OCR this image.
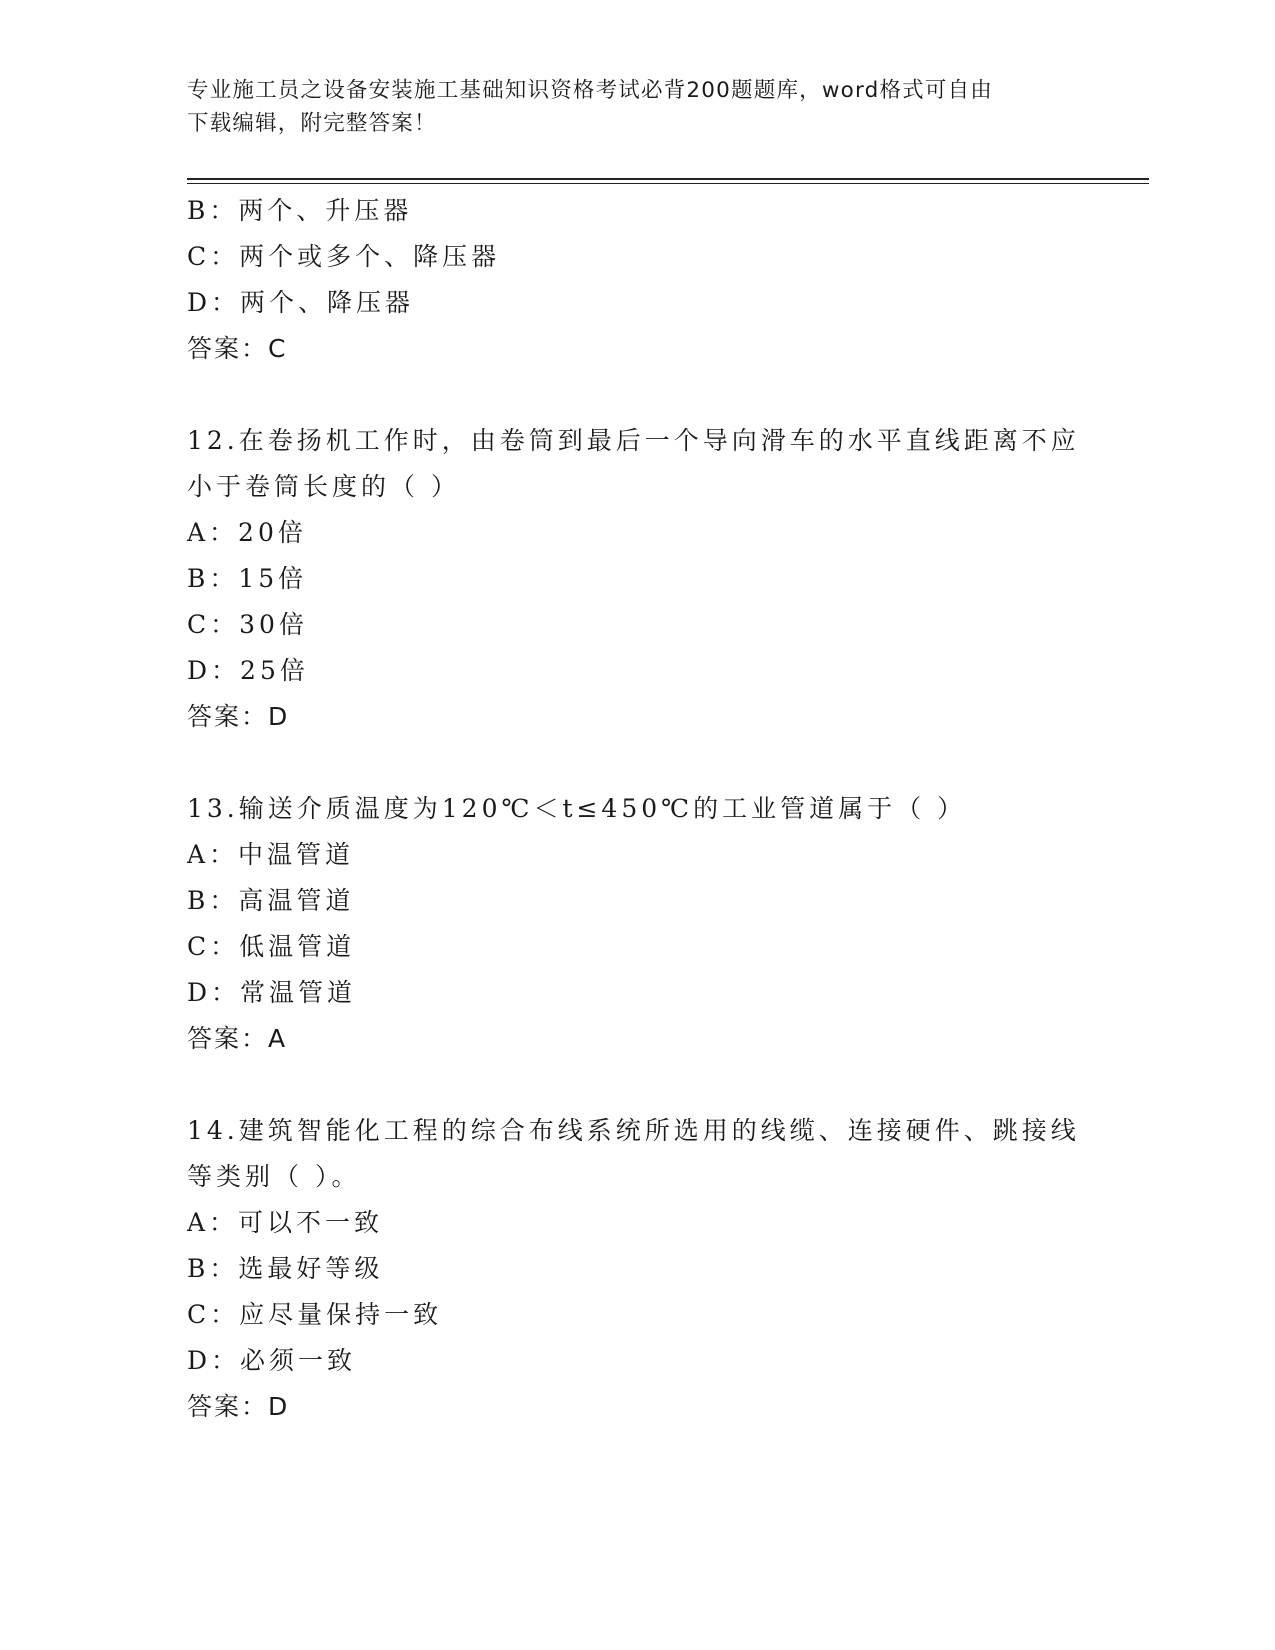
专业施工员之设备安装施工基础知识资格考试必背200题题库，word格式可自由
下载编辑，附完整答案！
B：两个、升压器
C：两个或多个、降压器
D：两个、降压器
答案：C
12.在卷扬机工作时，由卷筒到最后一个导向滑车的水平直线距离不应
小于卷筒长度的（ ）
A：20倍
B：15倍
C：30倍
D：25倍
答案：D
13.输送介质温度为120℃＜t≤450℃的工业管道属于（ ）
A：中温管道
B：高温管道
C：低温管道
D：常温管道
答案：A
14.建筑智能化工程的综合布线系统所选用的线缆、连接硬件、跳接线
等类别（ ）。
A：可以不一致
B：选最好等级
C：应尽量保持一致
D：必须一致
答案：D
